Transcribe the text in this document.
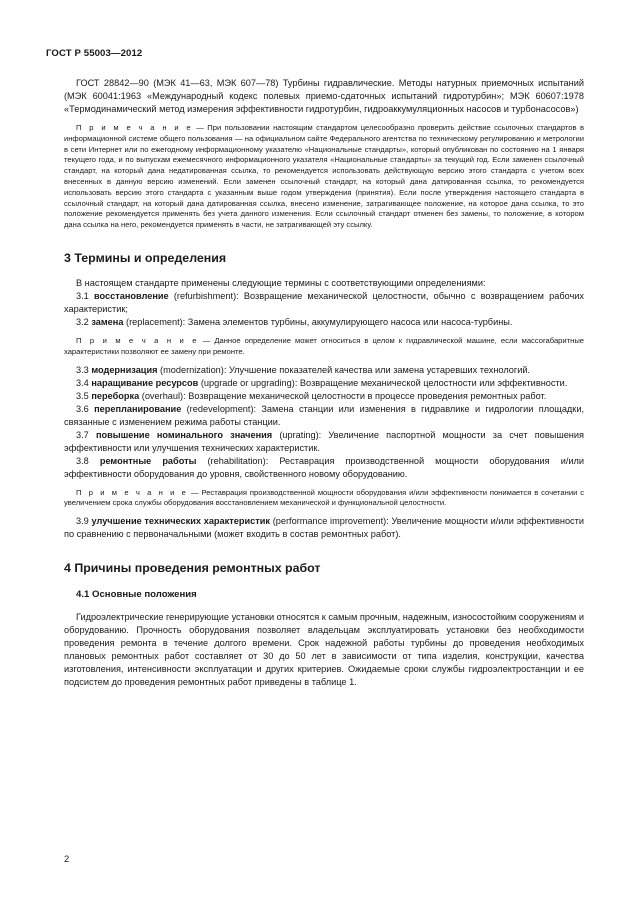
ГОСТ Р 55003—2012

ГОСТ 28842—90 (МЭК 41—63, МЭК 607—78) Турбины гидравлические. Методы натурных приемочных испытаний (МЭК 60041:1963 «Международный кодекс полевых приемо-сдаточных испытаний гидротурбин»; МЭК 60607:1978 «Термодинамический метод измерения эффективности гидротурбин, гидроаккумуляционных насосов и турбонасосов»)

П р и м е ч а н и е — При пользовании настоящим стандартом целесообразно проверить действие ссылочных стандартов в информационной системе общего пользования — на официальном сайте Федерального агентства по техническому регулированию и метрологии в сети Интернет или по ежегодному информационному указателю «Национальные стандарты», который опубликован по состоянию на 1 января текущего года, и по выпускам ежемесячного информационного указателя «Национальные стандарты» за текущий год. Если заменен ссылочный стандарт, на который дана недатированная ссылка, то рекомендуется использовать действующую версию этого стандарта с учетом всех внесенных в данную версию изменений. Если заменен ссылочный стандарт, на который дана датированная ссылка, то рекомендуется использовать версию этого стандарта с указанным выше годом утверждения (принятия). Если после утверждения настоящего стандарта в ссылочный стандарт, на который дана датированная ссылка, внесено изменение, затрагивающее положение, на которое дана ссылка, то это положение рекомендуется применять без учета данного изменения. Если ссылочный стандарт отменен без замены, то положение, в котором дана ссылка на него, рекомендуется применять в части, не затрагивающей эту ссылку.

3 Термины и определения

В настоящем стандарте применены следующие термины с соответствующими определениями:

3.1 восстановление (refurbishment): Возвращение механической целостности, обычно с возвращением рабочих характеристик;

3.2 замена (replacement): Замена элементов турбины, аккумулирующего насоса или насоса-турбины.

П р и м е ч а н и е — Данное определение может относиться в целом к гидравлической машине, если массогабаритные характеристики позволяют ее замену при ремонте.

3.3 модернизация (modernization): Улучшение показателей качества или замена устаревших технологий.

3.4 наращивание ресурсов (upgrade or upgrading): Возвращение механической целостности или эффективности.

3.5 переборка (overhaul): Возвращение механической целостности в процессе проведения ремонтных работ.

3.6 перепланирование (redevelopment): Замена станции или изменения в гидравлике и гидрологии площадки, связанные с изменением режима работы станции.

3.7 повышение номинального значения (uprating): Увеличение паспортной мощности за счет повышения эффективности или улучшения технических характеристик.

3.8 ремонтные работы (rehabilitation): Реставрация производственной мощности оборудования и/или эффективности оборудования до уровня, свойственного новому оборудованию.

П р и м е ч а н и е — Реставрация производственной мощности оборудования и/или эффективности понимается в сочетании с увеличением срока службы оборудования восстановлением механической и функциональной целостности.

3.9 улучшение технических характеристик (performance improvement): Увеличение мощности и/или эффективности по сравнению с первоначальными (может входить в состав ремонтных работ).

4 Причины проведения ремонтных работ
4.1 Основные положения

Гидроэлектрические генерирующие установки относятся к самым прочным, надежным, износостойким сооружениям и оборудованию. Прочность оборудования позволяет владельцам эксплуатировать установки без необходимости проведения ремонта в течение долгого времени. Срок надежной работы турбины до проведения необходимых плановых ремонтных работ составляет от 30 до 50 лет в зависимости от типа изделия, конструкции, качества изготовления, интенсивности эксплуатации и других критериев. Ожидаемые сроки службы гидроэлектростанции и ее подсистем до проведения ремонтных работ приведены в таблице 1.

2
